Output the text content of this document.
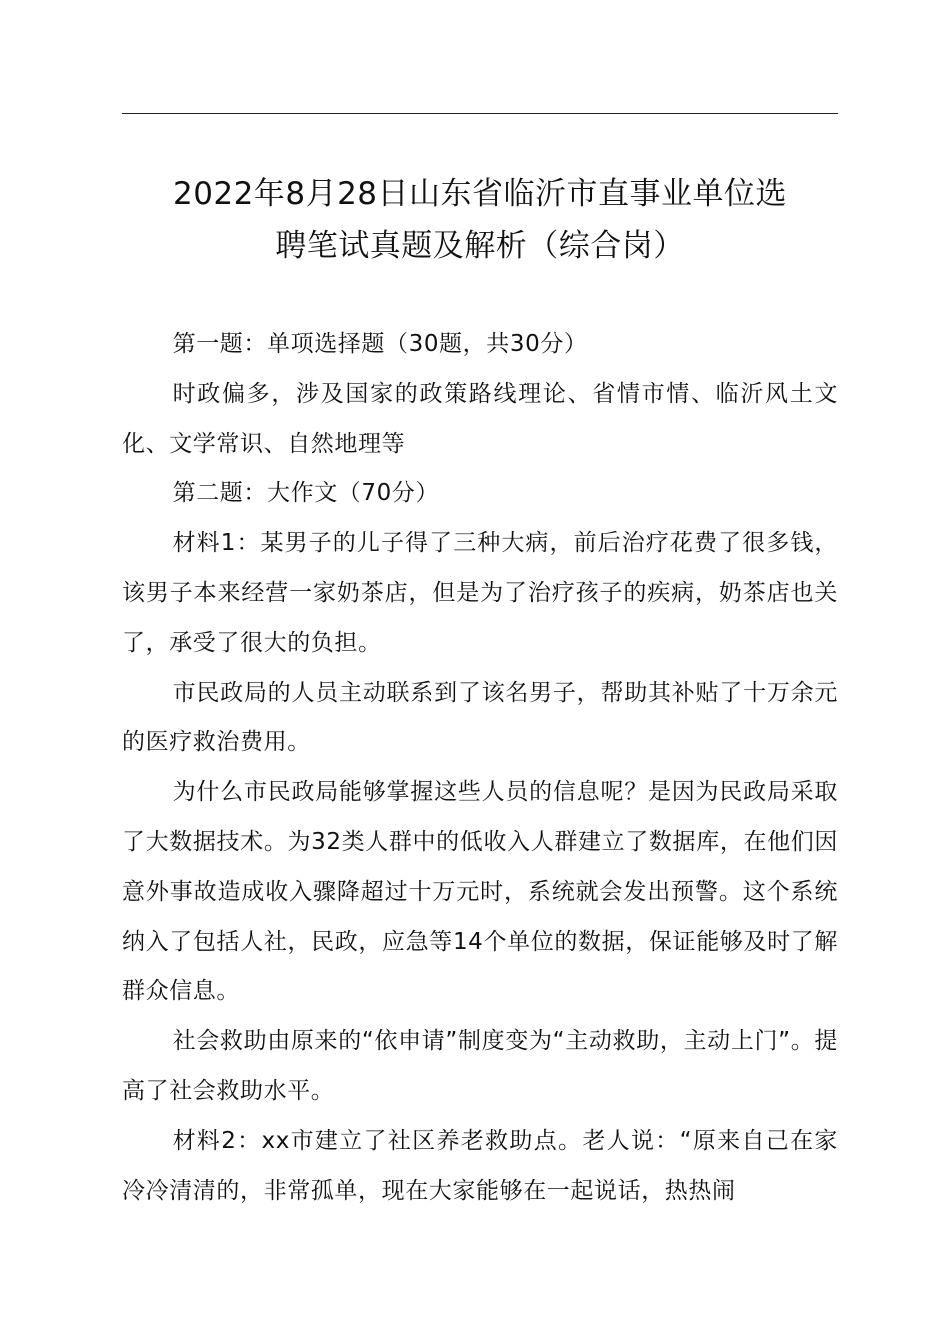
2022年8月28日山东省临沂市直事业单位选
聘笔试真题及解析（综合岗）

第一题：单项选择题（30题，共30分）

时政偏多，涉及国家的政策路线理论、省情市情、临沂风土文化、文学常识、自然地理等

第二题：大作文（70分）

材料1：某男子的儿子得了三种大病，前后治疗花费了很多钱，该男子本来经营一家奶茶店，但是为了治疗孩子的疾病，奶茶店也关了，承受了很大的负担。

市民政局的人员主动联系到了该名男子，帮助其补贴了十万余元的医疗救治费用。

为什么市民政局能够掌握这些人员的信息呢？是因为民政局采取了大数据技术。为32类人群中的低收入人群建立了数据库，在他们因意外事故造成收入骤降超过十万元时，系统就会发出预警。这个系统纳入了包括人社，民政，应急等14个单位的数据，保证能够及时了解群众信息。

社会救助由原来的“依申请”制度变为“主动救助，主动上门”。提高了社会救助水平。

材料2：xx市建立了社区养老救助点。老人说：“原来自己在家冷冷清清的，非常孤单，现在大家能够在一起说话，热热闹
